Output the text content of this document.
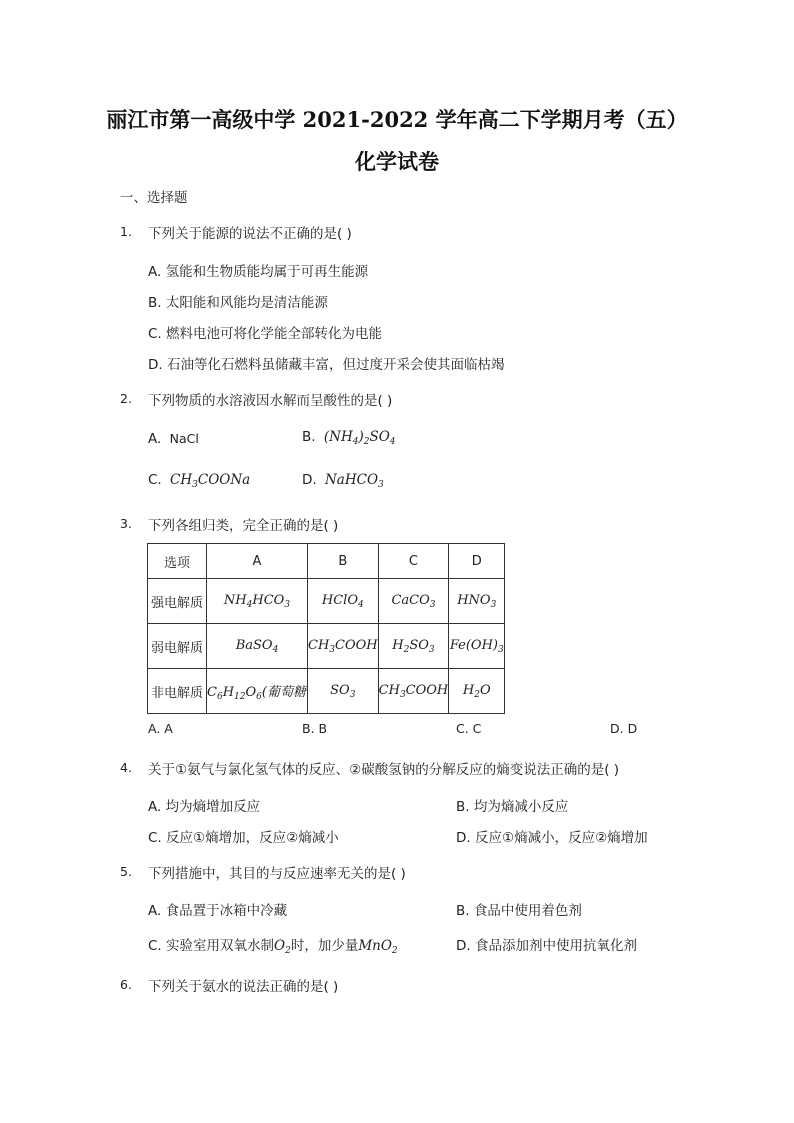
丽江市第一高级中学 2021-2022 学年高二下学期月考（五）
化学试卷
一、选择题
1. 下列关于能源的说法不正确的是( )
A. 氢能和生物质能均属于可再生能源
B. 太阳能和风能均是清洁能源
C. 燃料电池可将化学能全部转化为电能
D. 石油等化石燃料虽储藏丰富，但过度开采会使其面临枯竭
2. 下列物质的水溶液因水解而呈酸性的是( )
A. NaCl	B. $(NH_4)_2SO_4$
C. $CH_3COONa$	D. NaHCO$_3$
3. 下列各组归类，完全正确的是( )
选项	A	B	C	D
强电解质	$NH_4HCO_3$	HClO$_4$	CaCO$_3$	$HNO_3$
弱电解质	BaSO$_4$	$CH_3COOH$	$H_2SO_3$	$Fe(OH)_3$
非电解质	$C_6H_{12}O_6$(葡萄糖	$SO_3$	$CH_3COOH$	$H_2O$
A. A	B. B	C. C	D. D
4. 关于①氨气与氯化氢气体的反应、②碳酸氢钠的分解反应的熵变说法正确的是( )
A. 均为熵增加反应	B. 均为熵减小反应
C. 反应①熵增加，反应②熵减小	D. 反应①熵减小，反应②熵增加
5. 下列措施中，其目的与反应速率无关的是( )
A. 食品置于冰箱中冷藏	B. 食品中使用着色剂
C. 实验室用双氧水制$O_2$时，加少量MnO$_2$	D. 食品添加剂中使用抗氧化剂
6. 下列关于氨水的说法正确的是( )
